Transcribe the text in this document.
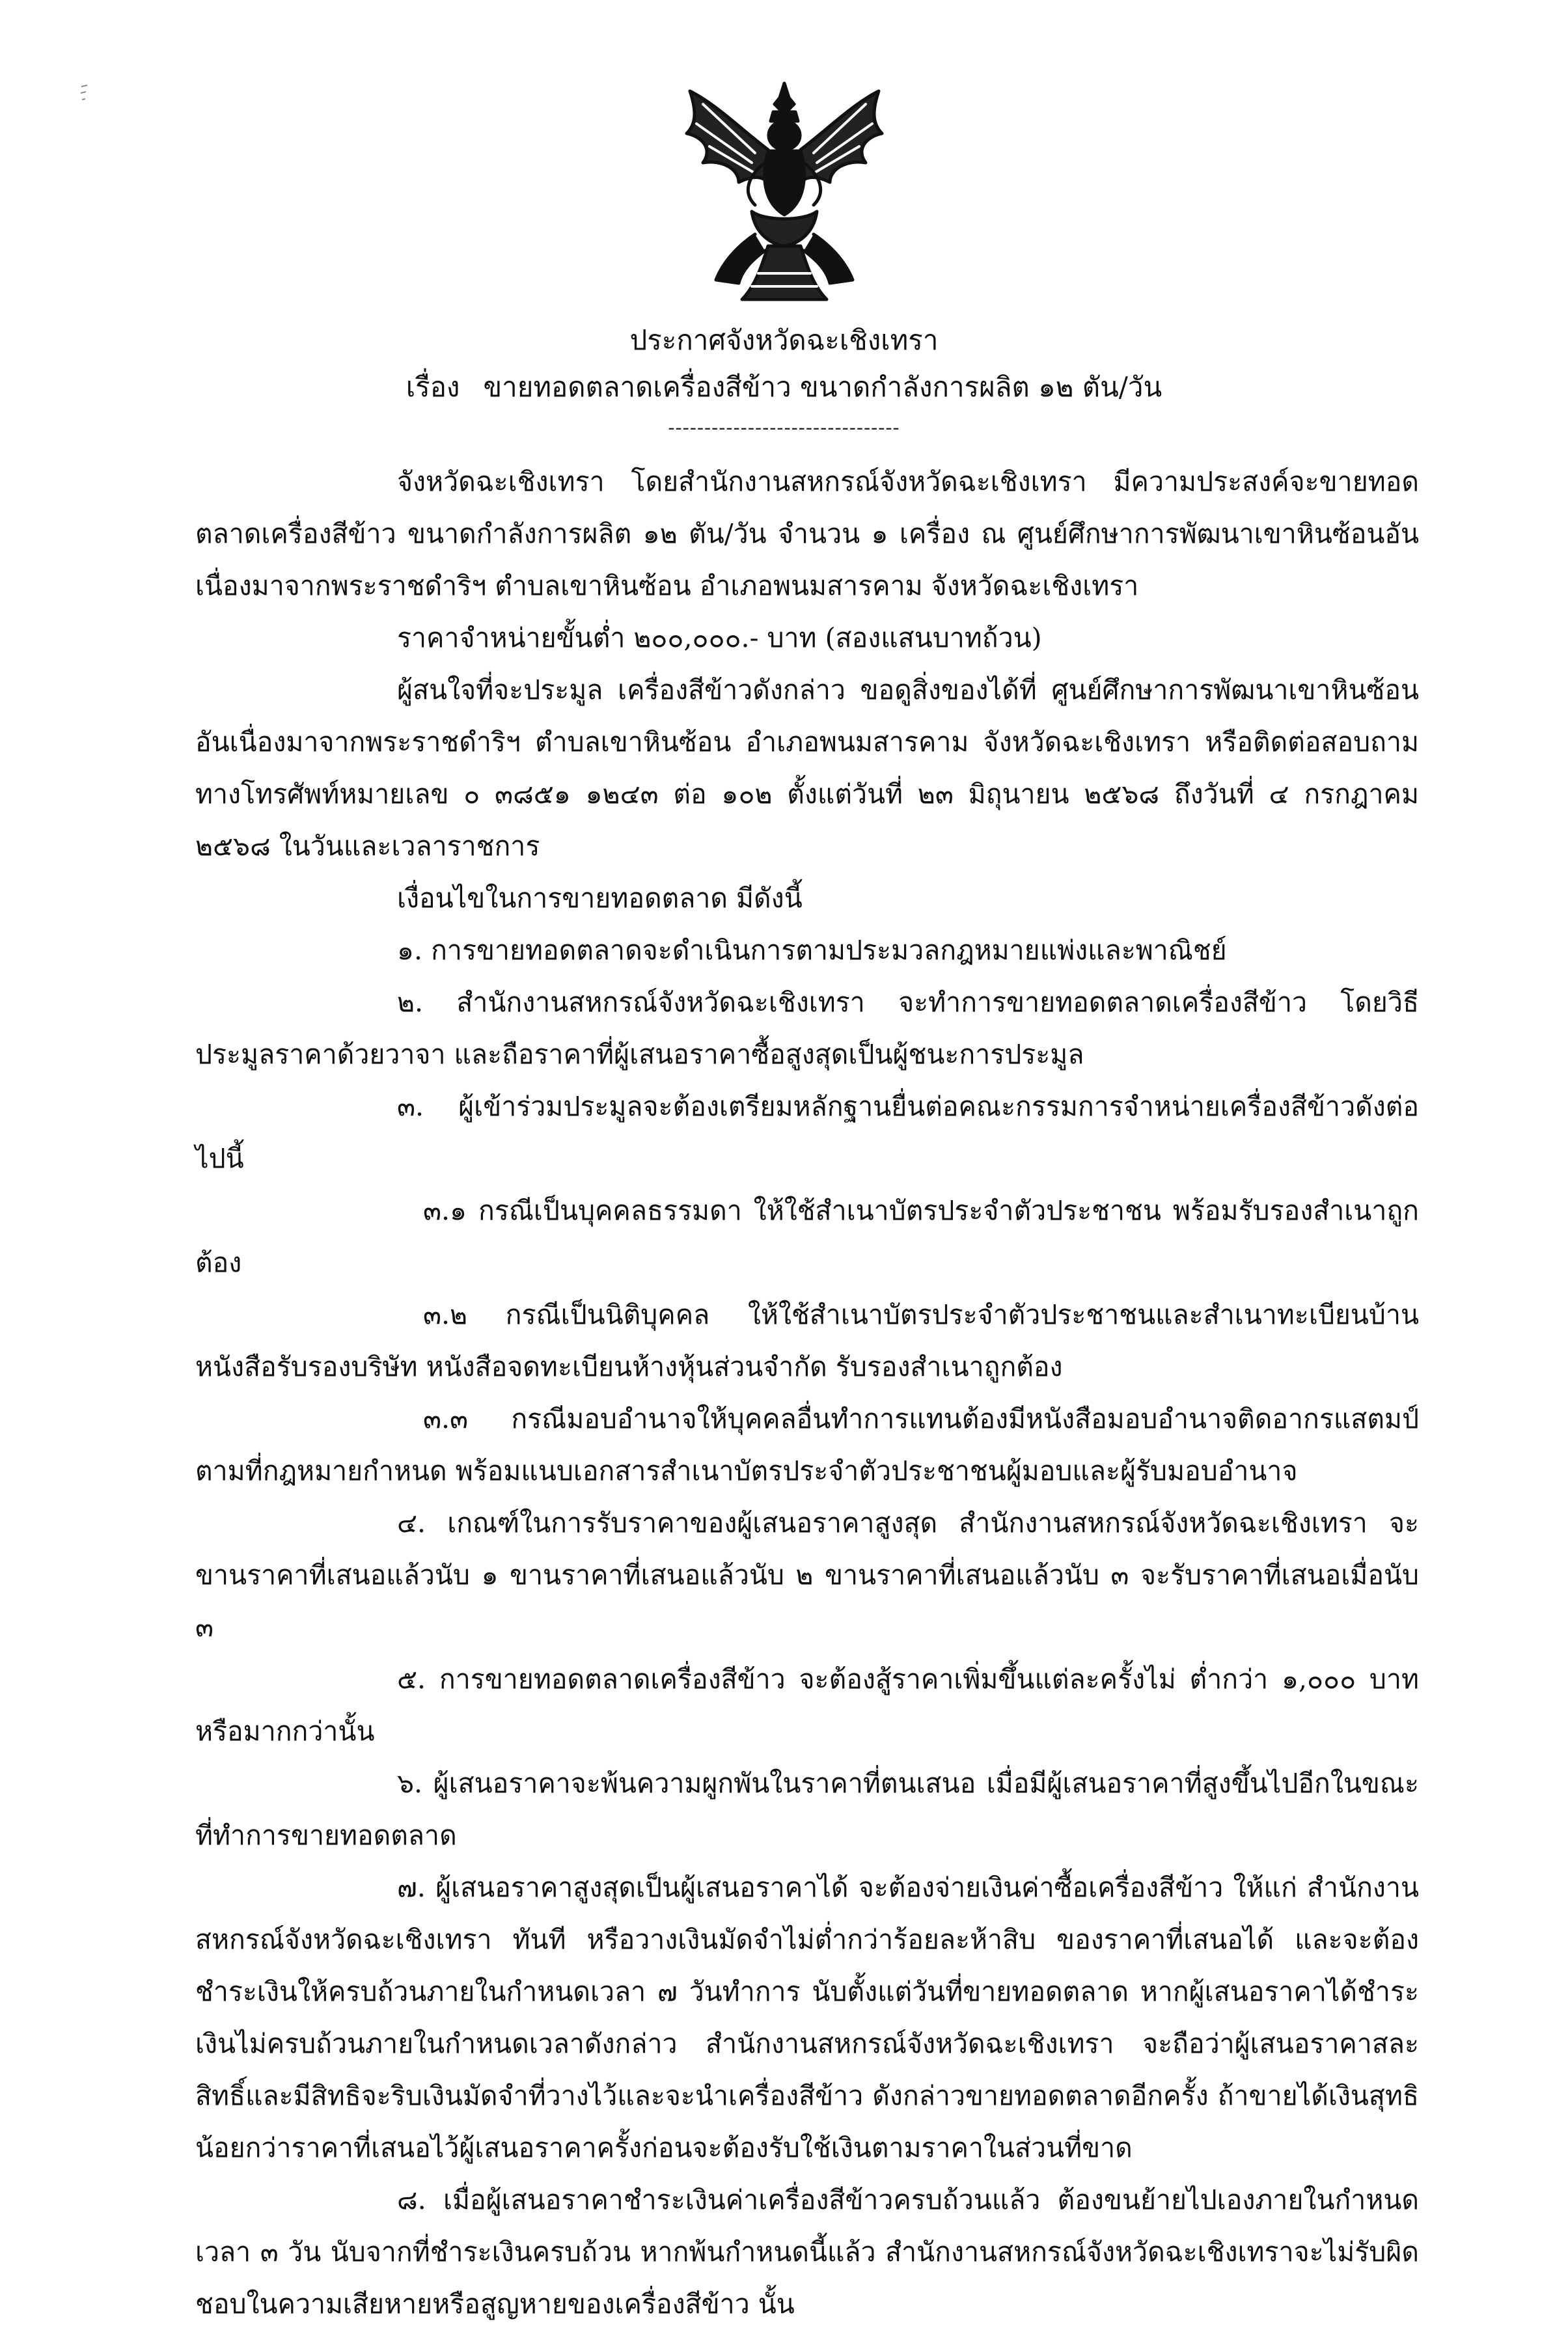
ประกาศจังหวัดฉะเชิงเทรา
เรื่อง ขายทอดตลาดเครื่องสีข้าว ขนาดกำลังการผลิต ๑๒ ตัน/วัน
--------------------------------

จังหวัดฉะเชิงเทรา โดยสำนักงานสหกรณ์จังหวัดฉะเชิงเทรา มีความประสงค์จะขายทอดตลาดเครื่องสีข้าว ขนาดกำลังการผลิต ๑๒ ตัน/วัน จำนวน ๑ เครื่อง ณ ศูนย์ศึกษาการพัฒนาเขาหินซ้อนอันเนื่องมาจากพระราชดำริฯ ตำบลเขาหินซ้อน อำเภอพนมสารคาม จังหวัดฉะเชิงเทรา

ราคาจำหน่ายขั้นต่ำ ๒๐๐,๐๐๐.- บาท (สองแสนบาทถ้วน)

ผู้สนใจที่จะประมูล เครื่องสีข้าวดังกล่าว ขอดูสิ่งของได้ที่ ศูนย์ศึกษาการพัฒนาเขาหินซ้อนอันเนื่องมาจากพระราชดำริฯ ตำบลเขาหินซ้อน อำเภอพนมสารคาม จังหวัดฉะเชิงเทรา หรือติดต่อสอบถามทางโทรศัพท์หมายเลข ๐ ๓๘๕๑ ๑๒๔๓ ต่อ ๑๐๒ ตั้งแต่วันที่ ๒๓ มิถุนายน ๒๕๖๘ ถึงวันที่ ๔ กรกฎาคม ๒๕๖๘ ในวันและเวลาราชการ

เงื่อนไขในการขายทอดตลาด มีดังนี้

๑. การขายทอดตลาดจะดำเนินการตามประมวลกฎหมายแพ่งและพาณิชย์

๒. สำนักงานสหกรณ์จังหวัดฉะเชิงเทรา จะทำการขายทอดตลาดเครื่องสีข้าว โดยวิธีประมูลราคาด้วยวาจา และถือราคาที่ผู้เสนอราคาซื้อสูงสุดเป็นผู้ชนะการประมูล

๓. ผู้เข้าร่วมประมูลจะต้องเตรียมหลักฐานยื่นต่อคณะกรรมการจำหน่ายเครื่องสีข้าวดังต่อไปนี้

๓.๑ กรณีเป็นบุคคลธรรมดา ให้ใช้สำเนาบัตรประจำตัวประชาชน พร้อมรับรองสำเนาถูกต้อง

๓.๒ กรณีเป็นนิติบุคคล ให้ใช้สำเนาบัตรประจำตัวประชาชนและสำเนาทะเบียนบ้าน หนังสือรับรองบริษัท หนังสือจดทะเบียนห้างหุ้นส่วนจำกัด รับรองสำเนาถูกต้อง

๓.๓ กรณีมอบอำนาจให้บุคคลอื่นทำการแทนต้องมีหนังสือมอบอำนาจติดอากรแสตมป์ตามที่กฎหมายกำหนด พร้อมแนบเอกสารสำเนาบัตรประจำตัวประชาชนผู้มอบและผู้รับมอบอำนาจ

๔. เกณฑ์ในการรับราคาของผู้เสนอราคาสูงสุด สำนักงานสหกรณ์จังหวัดฉะเชิงเทรา จะขานราคาที่เสนอแล้วนับ ๑ ขานราคาที่เสนอแล้วนับ ๒ ขานราคาที่เสนอแล้วนับ ๓ จะรับราคาที่เสนอเมื่อนับ ๓

๕. การขายทอดตลาดเครื่องสีข้าว จะต้องสู้ราคาเพิ่มขึ้นแต่ละครั้งไม่ ต่ำกว่า ๑,๐๐๐ บาท หรือมากกว่านั้น

๖. ผู้เสนอราคาจะพ้นความผูกพันในราคาที่ตนเสนอ เมื่อมีผู้เสนอราคาที่สูงขึ้นไปอีกในขณะที่ทำการขายทอดตลาด

๗. ผู้เสนอราคาสูงสุดเป็นผู้เสนอราคาได้ จะต้องจ่ายเงินค่าซื้อเครื่องสีข้าว ให้แก่ สำนักงานสหกรณ์จังหวัดฉะเชิงเทรา ทันที หรือวางเงินมัดจำไม่ต่ำกว่าร้อยละห้าสิบ ของราคาที่เสนอได้ และจะต้องชำระเงินให้ครบถ้วนภายในกำหนดเวลา ๗ วันทำการ นับตั้งแต่วันที่ขายทอดตลาด หากผู้เสนอราคาได้ชำระเงินไม่ครบถ้วนภายในกำหนดเวลาดังกล่าว สำนักงานสหกรณ์จังหวัดฉะเชิงเทรา จะถือว่าผู้เสนอราคาสละสิทธิ์และมีสิทธิจะริบเงินมัดจำที่วางไว้และจะนำเครื่องสีข้าว ดังกล่าวขายทอดตลาดอีกครั้ง ถ้าขายได้เงินสุทธิน้อยกว่าราคาที่เสนอไว้ผู้เสนอราคาครั้งก่อนจะต้องรับใช้เงินตามราคาในส่วนที่ขาด

๘. เมื่อผู้เสนอราคาชำระเงินค่าเครื่องสีข้าวครบถ้วนแล้ว ต้องขนย้ายไปเองภายในกำหนดเวลา ๓ วัน นับจากที่ชำระเงินครบถ้วน หากพ้นกำหนดนี้แล้ว สำนักงานสหกรณ์จังหวัดฉะเชิงเทราจะไม่รับผิดชอบในความเสียหายหรือสูญหายของเครื่องสีข้าว นั้น
